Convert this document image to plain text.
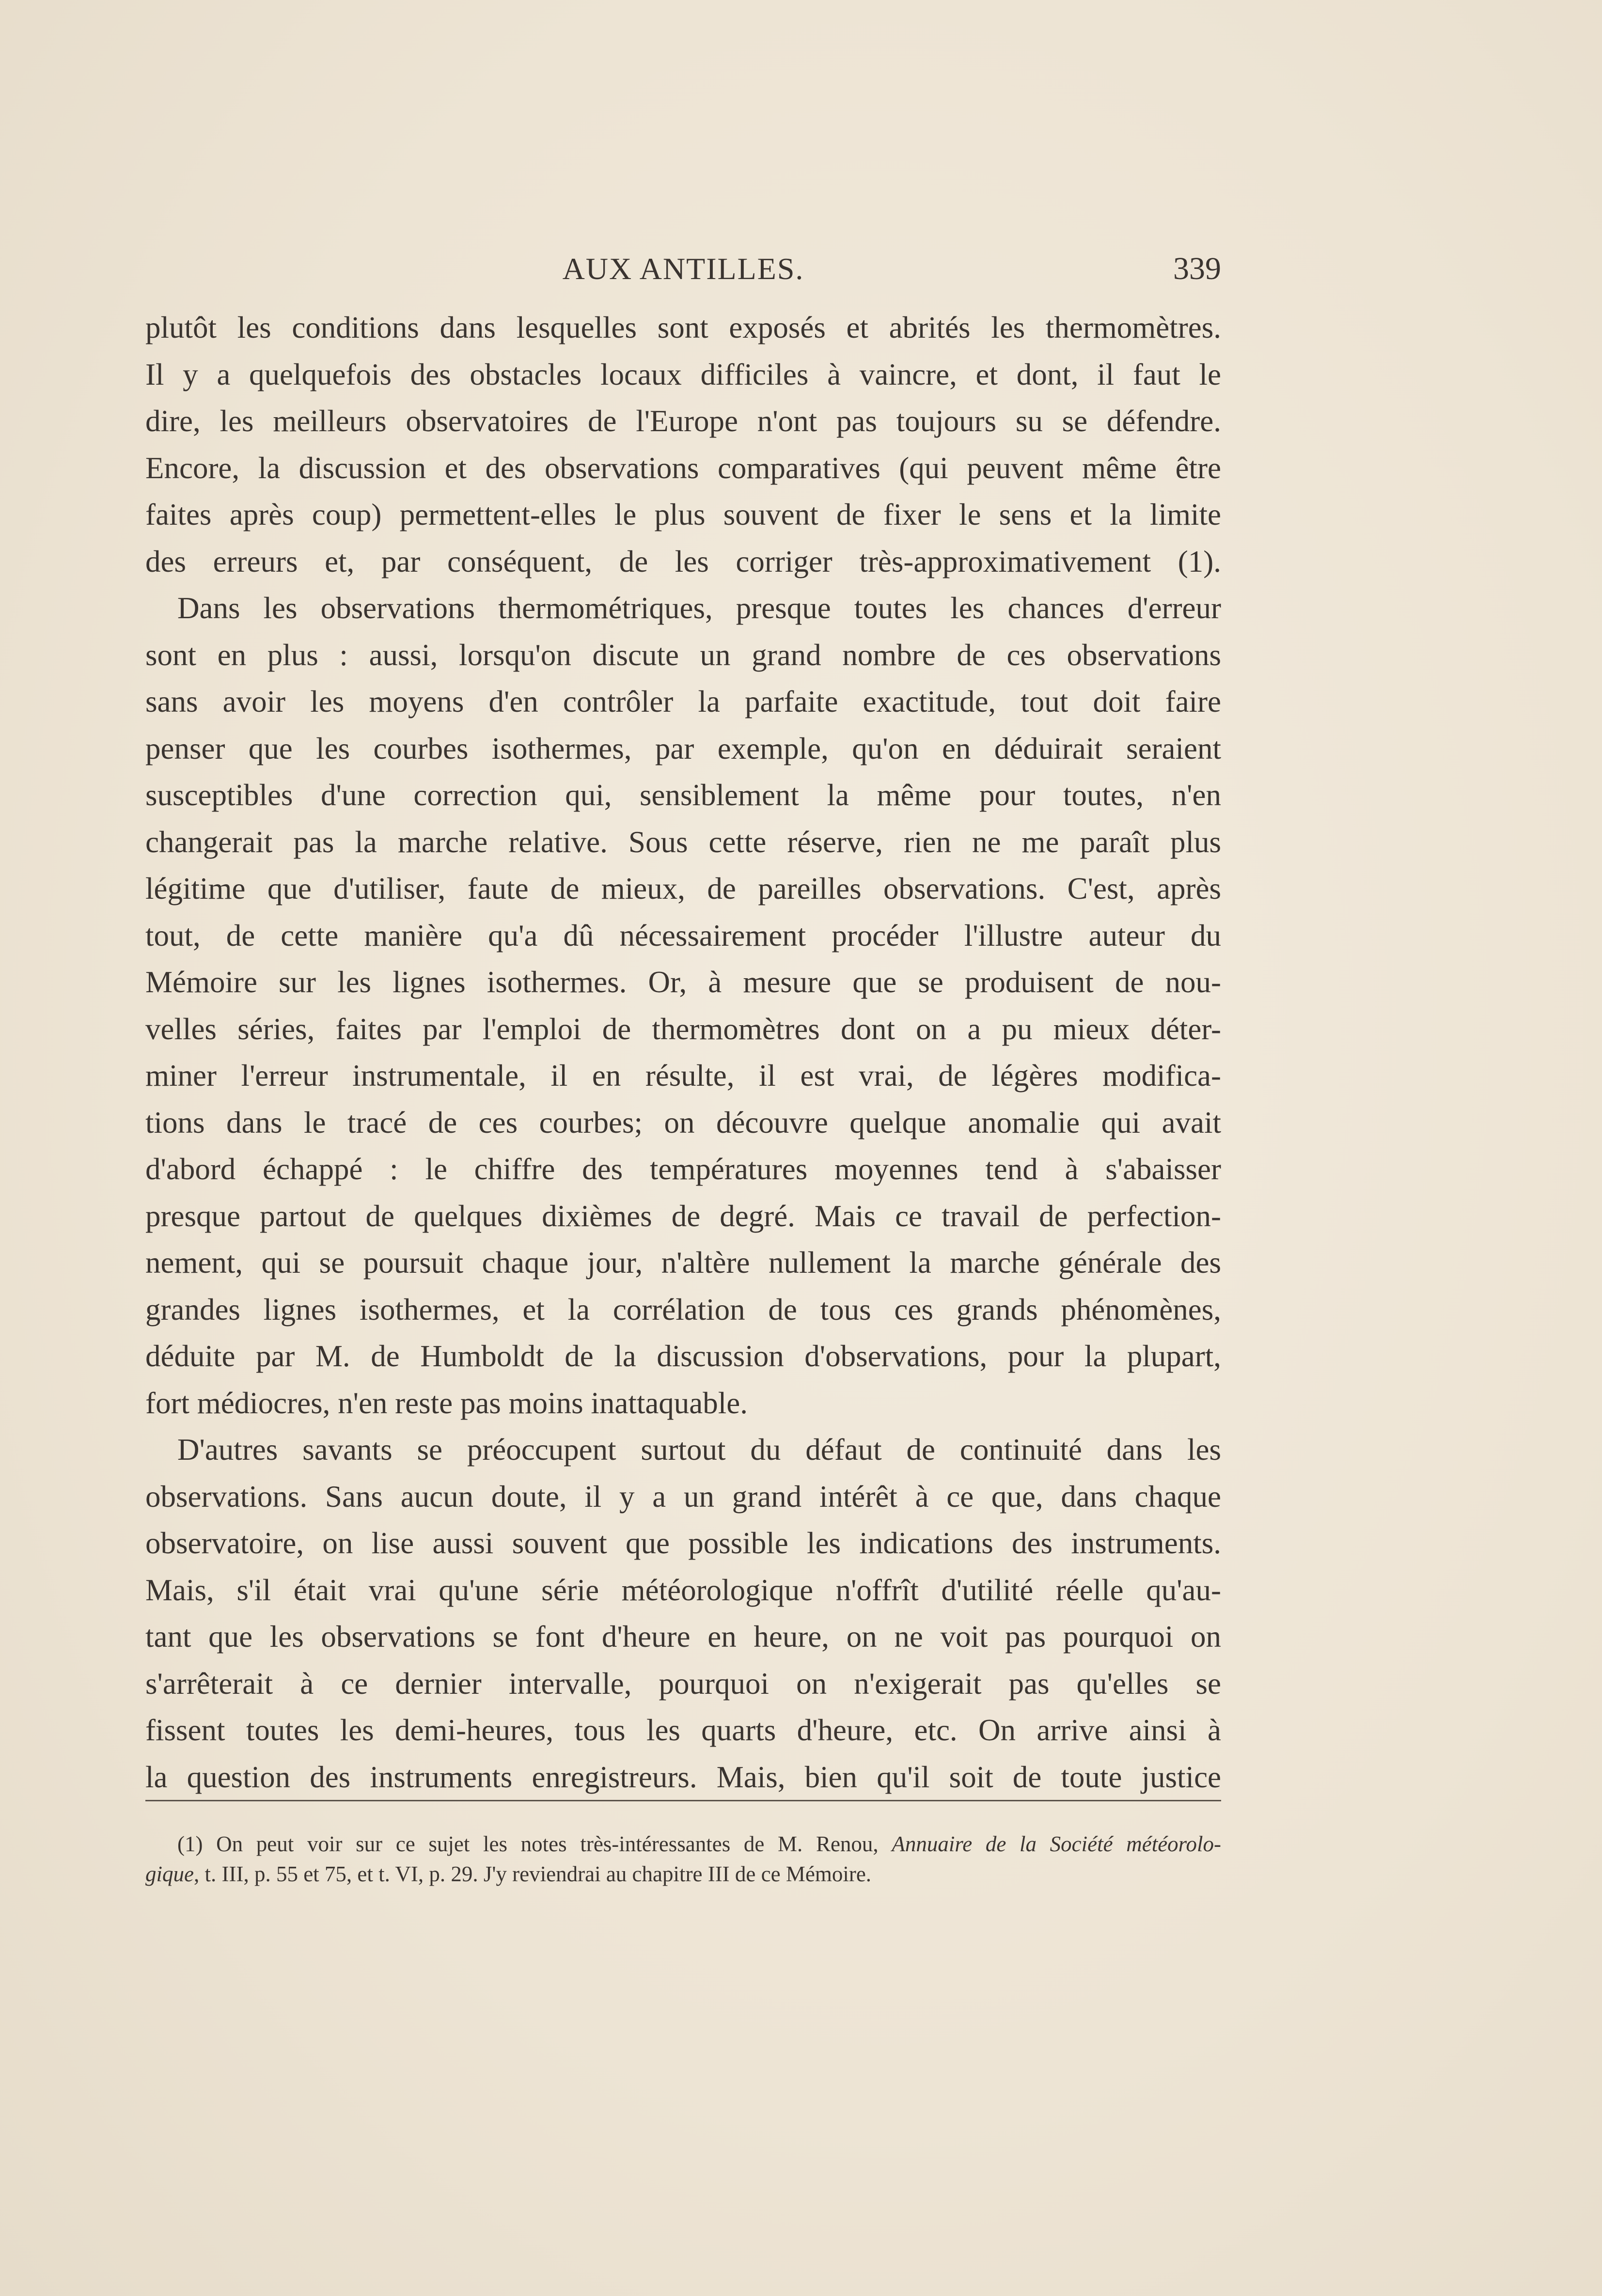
AUX ANTILLES.	339
plutôt les conditions dans lesquelles sont exposés et abrités les thermomètres.
Il y a quelquefois des obstacles locaux difficiles à vaincre, et dont, il faut le
dire, les meilleurs observatoires de l'Europe n'ont pas toujours su se défendre.
Encore, la discussion et des observations comparatives (qui peuvent même être
faites après coup) permettent-elles le plus souvent de fixer le sens et la limite
des erreurs et, par conséquent, de les corriger très-approximativement (1).
Dans les observations thermométriques, presque toutes les chances d'erreur
sont en plus : aussi, lorsqu'on discute un grand nombre de ces observations
sans avoir les moyens d'en contrôler la parfaite exactitude, tout doit faire
penser que les courbes isothermes, par exemple, qu'on en déduirait seraient
susceptibles d'une correction qui, sensiblement la même pour toutes, n'en
changerait pas la marche relative. Sous cette réserve, rien ne me paraît plus
légitime que d'utiliser, faute de mieux, de pareilles observations. C'est, après
tout, de cette manière qu'a dû nécessairement procéder l'illustre auteur du
Mémoire sur les lignes isothermes. Or, à mesure que se produisent de nou-
velles séries, faites par l'emploi de thermomètres dont on a pu mieux déter-
miner l'erreur instrumentale, il en résulte, il est vrai, de légères modifica-
tions dans le tracé de ces courbes; on découvre quelque anomalie qui avait
d'abord échappé : le chiffre des températures moyennes tend à s'abaisser
presque partout de quelques dixièmes de degré. Mais ce travail de perfection-
nement, qui se poursuit chaque jour, n'altère nullement la marche générale des
grandes lignes isothermes, et la corrélation de tous ces grands phénomènes,
déduite par M. de Humboldt de la discussion d'observations, pour la plupart,
fort médiocres, n'en reste pas moins inattaquable.
D'autres savants se préoccupent surtout du défaut de continuité dans les
observations. Sans aucun doute, il y a un grand intérêt à ce que, dans chaque
observatoire, on lise aussi souvent que possible les indications des instruments.
Mais, s'il était vrai qu'une série météorologique n'offrît d'utilité réelle qu'au-
tant que les observations se font d'heure en heure, on ne voit pas pourquoi on
s'arrêterait à ce dernier intervalle, pourquoi on n'exigerait pas qu'elles se
fissent toutes les demi-heures, tous les quarts d'heure, etc. On arrive ainsi à
la question des instruments enregistreurs. Mais, bien qu'il soit de toute justice
(1) On peut voir sur ce sujet les notes très-intéressantes de M. Renou, Annuaire de la Société météorolo-
gique, t. III, p. 55 et 75, et t. VI, p. 29. J'y reviendrai au chapitre III de ce Mémoire.
